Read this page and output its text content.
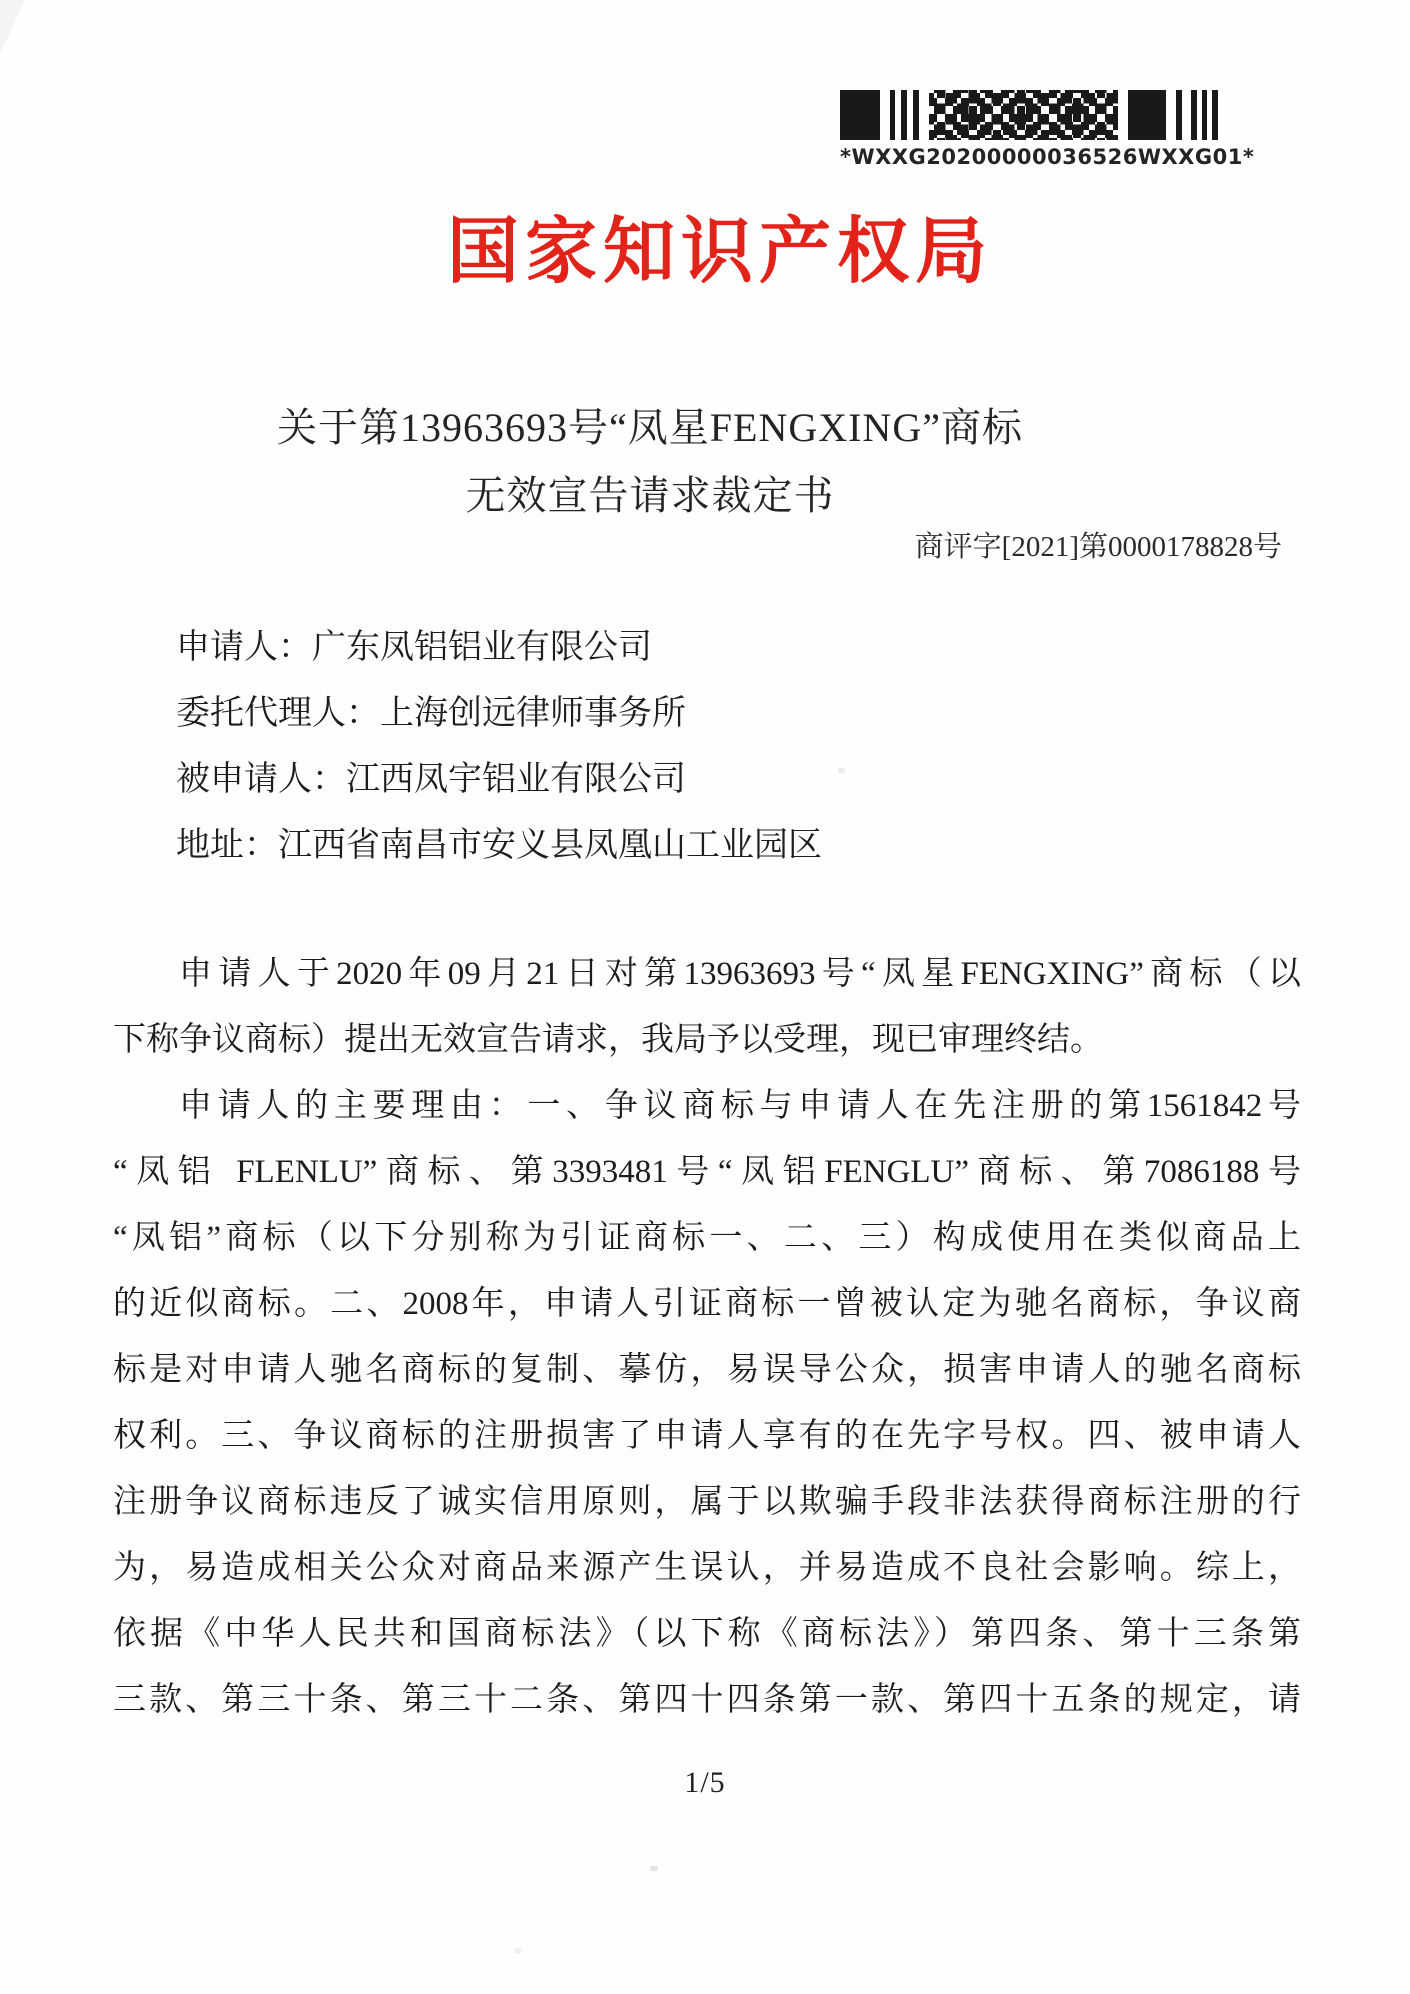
*WXXG20200000036526WXXG01*
国家知识产权局
关于第13963693号“凤星FENGXING”商标
无效宣告请求裁定书
商评字[2021]第0000178828号
申请人：广东凤铝铝业有限公司
委托代理人：上海创远律师事务所
被申请人：江西凤宇铝业有限公司
地址：江西省南昌市安义县凤凰山工业园区
申请人于2020年09月21日对第13963693号“凤星FENGXING”商标（以
下称争议商标）提出无效宣告请求，我局予以受理，现已审理终结。
申请人的主要理由：一、争议商标与申请人在先注册的第1561842号
“凤铝 FLENLU”商标、第3393481号“凤铝FENGLU”商标、第7086188号
“凤铝”商标（以下分别称为引证商标一、二、三）构成使用在类似商品上
的近似商标。二、2008年，申请人引证商标一曾被认定为驰名商标，争议商
标是对申请人驰名商标的复制、摹仿，易误导公众，损害申请人的驰名商标
权利。三、争议商标的注册损害了申请人享有的在先字号权。四、被申请人
注册争议商标违反了诚实信用原则，属于以欺骗手段非法获得商标注册的行
为，易造成相关公众对商品来源产生误认，并易造成不良社会影响。综上，
依据《中华人民共和国商标法》（以下称《商标法》）第四条、第十三条第
三款、第三十条、第三十二条、第四十四条第一款、第四十五条的规定，请
1/5
